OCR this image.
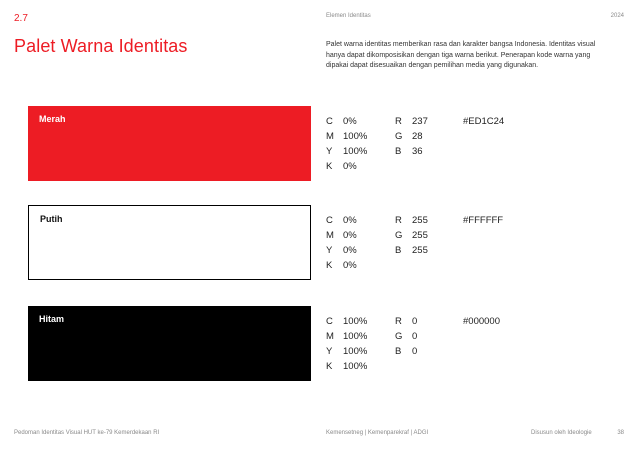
2.7	Elemen Identitas	2024
Palet Warna Identitas	Palet warna identitas memberikan rasa dan karakter bangsa Indonesia. Identitas visual hanya dapat dikomposisikan dengan tiga warna berikut. Penerapan kode warna yang dipakai dapat disesuaikan dengan pemilihan media yang digunakan.

Merah	C 0%	R 237	#ED1C24
M 100%	G 28
Y 100%	B 36
K 0%
Putih	C 0%	R 255	#FFFFFF
M 0%	G 255
Y 0%	B 255
K 0%
Hitam	C 100%	R 0	#000000
M 100%	G 0
Y 100%	B 0
K 100%
Pedoman Identitas Visual HUT ke-79 Kemerdekaan RI	Kemensetneg | Kemenparekraf | ADGI	Disusun oleh Ideologie	38
